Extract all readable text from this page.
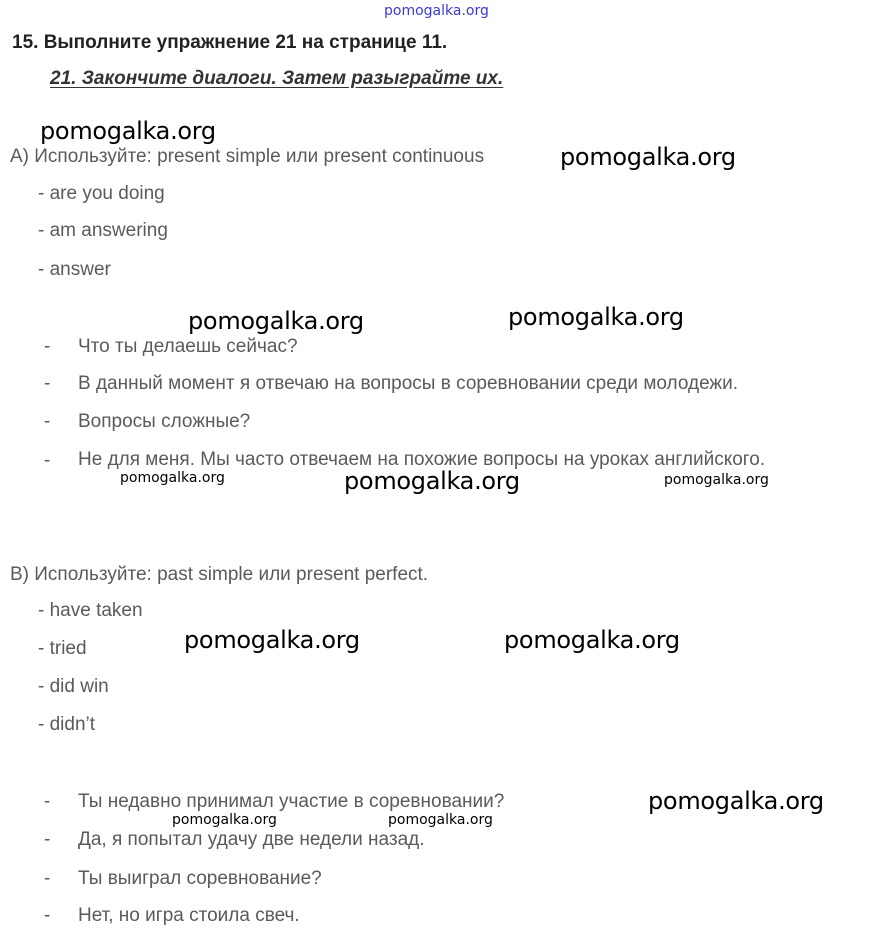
pomogalka.org
15. Выполните упражнение 21 на странице 11.
21. Закончите диалоги. Затем разыграйте их.
pomogalka.org
A) Используйте: present simple или present continuous	pomogalka.org
- are you doing
- am answering
- answer
pomogalka.org	pomogalka.org
- Что ты делаешь сейчас?
- В данный момент я отвечаю на вопросы в соревновании среди молодежи.
- Вопросы сложные?
- Не для меня. Мы часто отвечаем на похожие вопросы на уроках английского.
pomogalka.org	pomogalka.org	pomogalka.org
B) Используйте: past simple или present perfect.
- have taken
- tried
- did win
- didn’t
pomogalka.org	pomogalka.org
- Ты недавно принимал участие в соревновании?	pomogalka.org
pomogalka.org	pomogalka.org
- Да, я попытал удачу две недели назад.
- Ты выиграл соревнование?
- Нет, но игра стоила свеч.
